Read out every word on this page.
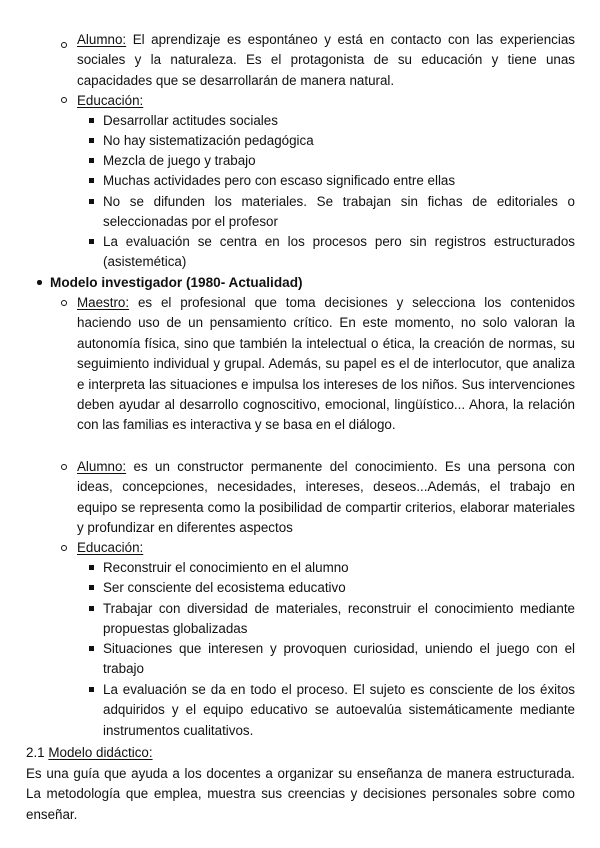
Alumno: El aprendizaje es espontáneo y está en contacto con las experiencias sociales y la naturaleza. Es el protagonista de su educación y tiene unas capacidades que se desarrollarán de manera natural.
Educación:
Desarrollar actitudes sociales
No hay sistematización pedagógica
Mezcla de juego y trabajo
Muchas actividades pero con escaso significado entre ellas
No se difunden los materiales. Se trabajan sin fichas de editoriales o seleccionadas por el profesor
La evaluación se centra en los procesos pero sin registros estructurados (asistemética)
Modelo investigador (1980- Actualidad)
Maestro: es el profesional que toma decisiones y selecciona los contenidos haciendo uso de un pensamiento crítico. En este momento, no solo valoran la autonomía física, sino que también la intelectual o ética, la creación de normas, su seguimiento individual y grupal. Además, su papel es el de interlocutor, que analiza e interpreta las situaciones e impulsa los intereses de los niños. Sus intervenciones deben ayudar al desarrollo cognoscitivo, emocional, lingüístico... Ahora, la relación con las familias es interactiva y se basa en el diálogo.
Alumno: es un constructor permanente del conocimiento. Es una persona con ideas, concepciones, necesidades, intereses, deseos...Además, el trabajo en equipo se representa como la posibilidad de compartir criterios, elaborar materiales y profundizar en diferentes aspectos
Educación:
Reconstruir el conocimiento en el alumno
Ser consciente del ecosistema educativo
Trabajar con diversidad de materiales, reconstruir el conocimiento mediante propuestas globalizadas
Situaciones que interesen y provoquen curiosidad, uniendo el juego con el trabajo
La evaluación se da en todo el proceso. El sujeto es consciente de los éxitos adquiridos y el equipo educativo se autoevalúa sistemáticamente mediante instrumentos cualitativos.
2.1 Modelo didáctico:
Es una guía que ayuda a los docentes a organizar su enseñanza de manera estructurada. La metodología que emplea, muestra sus creencias y decisiones personales sobre como enseñar.
